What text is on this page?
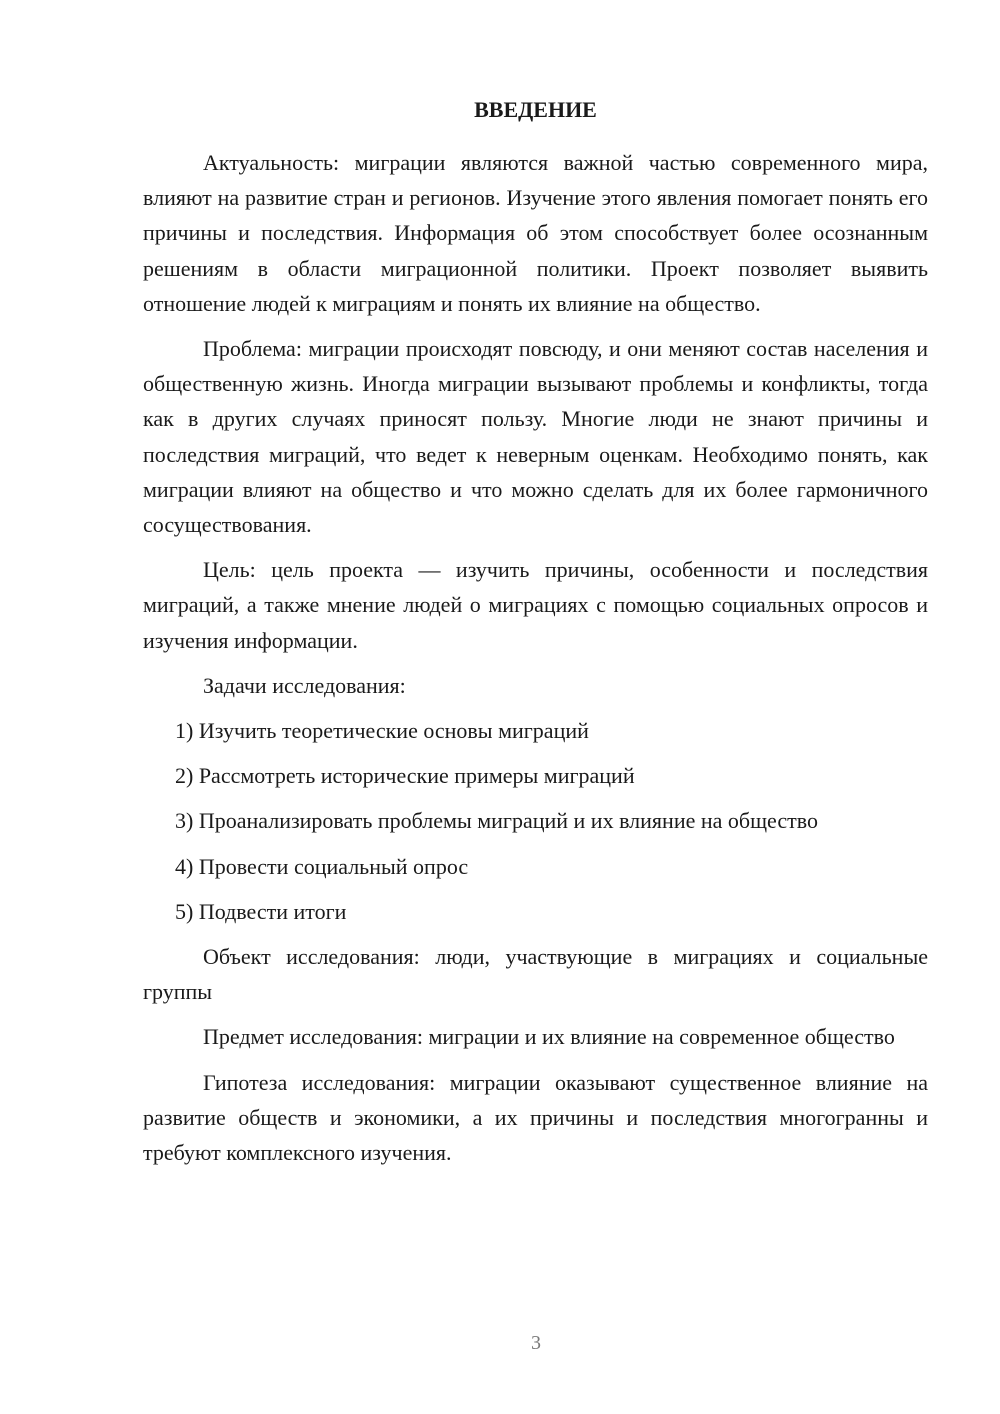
ВВЕДЕНИЕ

Актуальность: миграции являются важной частью современного мира, влияют на развитие стран и регионов. Изучение этого явления помогает понять его причины и последствия. Информация об этом способствует более осознанным решениям в области миграционной политики. Проект позволяет выявить отношение людей к миграциям и понять их влияние на общество.

Проблема: миграции происходят повсюду, и они меняют состав населения и общественную жизнь. Иногда миграции вызывают проблемы и конфликты, тогда как в других случаях приносят пользу. Многие люди не знают причины и последствия миграций, что ведет к неверным оценкам. Необходимо понять, как миграции влияют на общество и что можно сделать для их более гармоничного сосуществования.

Цель: цель проекта — изучить причины, особенности и последствия миграций, а также мнение людей о миграциях с помощью социальных опросов и изучения информации.

Задачи исследования:

1) Изучить теоретические основы миграций
2) Рассмотреть исторические примеры миграций
3) Проанализировать проблемы миграций и их влияние на общество
4) Провести социальный опрос
5) Подвести итоги

Объект исследования: люди, участвующие в миграциях и социальные группы

Предмет исследования: миграции и их влияние на современное общество

Гипотеза исследования: миграции оказывают существенное влияние на развитие обществ и экономики, а их причины и последствия многогранны и требуют комплексного изучения.

3
